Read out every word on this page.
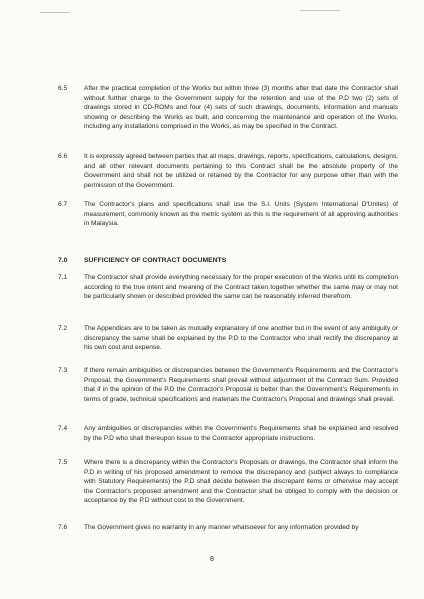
6.5	After the practical completion of the Works but within three (3) months after that date the Contractor shall without further charge to the Government supply for the retention and use of the P.D two (2) sets of drawings stored in CD-ROMs and four (4) sets of such drawings, documents, information and manuals showing or describing the Works as built, and concerning the maintenance and operation of the Works, including any installations comprised in the Works, as may be specified in the Contract.
6.6	It is expressly agreed between parties that all maps, drawings, reports, specifications, calculations, designs, and all other relevant documents pertaining to this Contract shall be the absolute property of the Government and shall not be utilized or retained by the Contractor for any purpose other than with the permission of the Government.
6.7	The Contractor's plans and specifications shall use the S.I. Units (System International D'Unites) of measurement, commonly known as the metric system as this is the requirement of all approving authorities in Malaysia.
7.0 SUFFICIENCY OF CONTRACT DOCUMENTS
7.1	The Contractor shall provide everything necessary for the proper execution of the Works until its completion according to the true intent and meaning of the Contract taken together whether the same may or may not be particularly shown or described provided the same can be reasonably inferred therefrom.
7.2	The Appendices are to be taken as mutually explanatory of one another but in the event of any ambiguity or discrepancy the same shall be explained by the P.D to the Contractor who shall rectify the discrepancy at his own cost and expense.
7.3	If there remain ambiguities or discrepancies between the Government's Requirements and the Contractor's Proposal, the Government's Requirements shall prevail without adjustment of the Contract Sum. Provided that if in the opinion of the P.D the Contractor's Proposal is better than the Government's Requirements in terms of grade, technical specifications and materials the Contractor's Proposal and drawings shall prevail.
7.4	Any ambiguities or discrepancies within the Government's Requirements shall be explained and resolved by the P.D who shall thereupon issue to the Contractor appropriate instructions.
7.5	Where there is a discrepancy within the Contractor's Proposals or drawings, the Contractor shall inform the P.D in writing of his proposed amendment to remove the discrepancy and (subject always to compliance with Statutory Requirements) the P.D shall decide between the discrepant items or otherwise may accept the Contractor's proposed amendment and the Contractor shall be obliged to comply with the decision or acceptance by the P.D without cost to the Government.
7.6	The Government gives no warranty in any manner whatsoever for any information provided by
8
